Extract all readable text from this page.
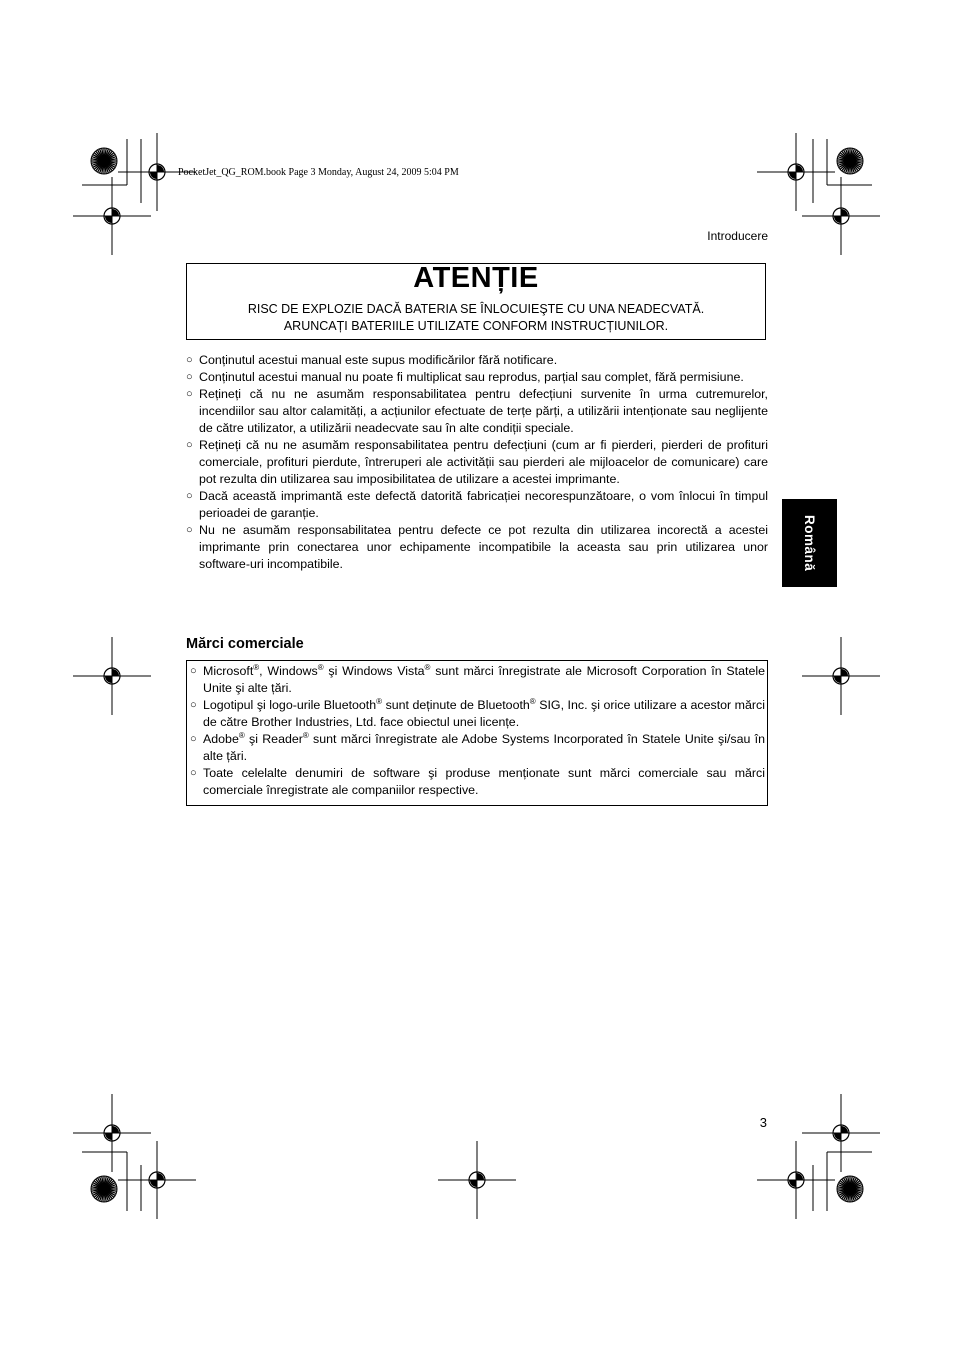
PocketJet_QG_ROM.book Page 3 Monday, August 24, 2009 5:04 PM
Introducere
ATENȚIE
RISC DE EXPLOZIE DACĂ BATERIA SE ÎNLOCUIEŞTE CU UNA NEADECVATĂ.
ARUNCAȚI BATERIILE UTILIZATE CONFORM INSTRUCȚIUNILOR.
○ Conținutul acestui manual este supus modificărilor fără notificare.
○ Conținutul acestui manual nu poate fi multiplicat sau reprodus, parțial sau complet, fără permisiune.
○ Rețineți că nu ne asumăm responsabilitatea pentru defecțiuni survenite în urma cutremurelor, incendiilor sau altor calamități, a acțiunilor efectuate de terțe părți, a utilizării intenționate sau neglijente de către utilizator, a utilizării neadecvate sau în alte condiții speciale.
○ Rețineți că nu ne asumăm responsabilitatea pentru defecțiuni (cum ar fi pierderi, pierderi de profituri comerciale, profituri pierdute, întreruperi ale activității sau pierderi ale mijloacelor de comunicare) care pot rezulta din utilizarea sau imposibilitatea de utilizare a acestei imprimante.
○ Dacă această imprimantă este defectă datorită fabricației necorespunzătoare, o vom înlocui în timpul perioadei de garanție.
○ Nu ne asumăm responsabilitatea pentru defecte ce pot rezulta din utilizarea incorectă a acestei imprimante prin conectarea unor echipamente incompatibile la aceasta sau prin utilizarea unor software-uri incompatibile.
Mărci comerciale
○ Microsoft®, Windows® şi Windows Vista® sunt mărci înregistrate ale Microsoft Corporation în Statele Unite şi alte țări.
○ Logotipul şi logo-urile Bluetooth® sunt deținute de Bluetooth® SIG, Inc. şi orice utilizare a acestor mărci de către Brother Industries, Ltd. face obiectul unei licențe.
○ Adobe® şi Reader® sunt mărci înregistrate ale Adobe Systems Incorporated în Statele Unite şi/sau în alte țări.
○ Toate celelalte denumiri de software şi produse menționate sunt mărci comerciale sau mărci comerciale înregistrate ale companiilor respective.
Română
3
